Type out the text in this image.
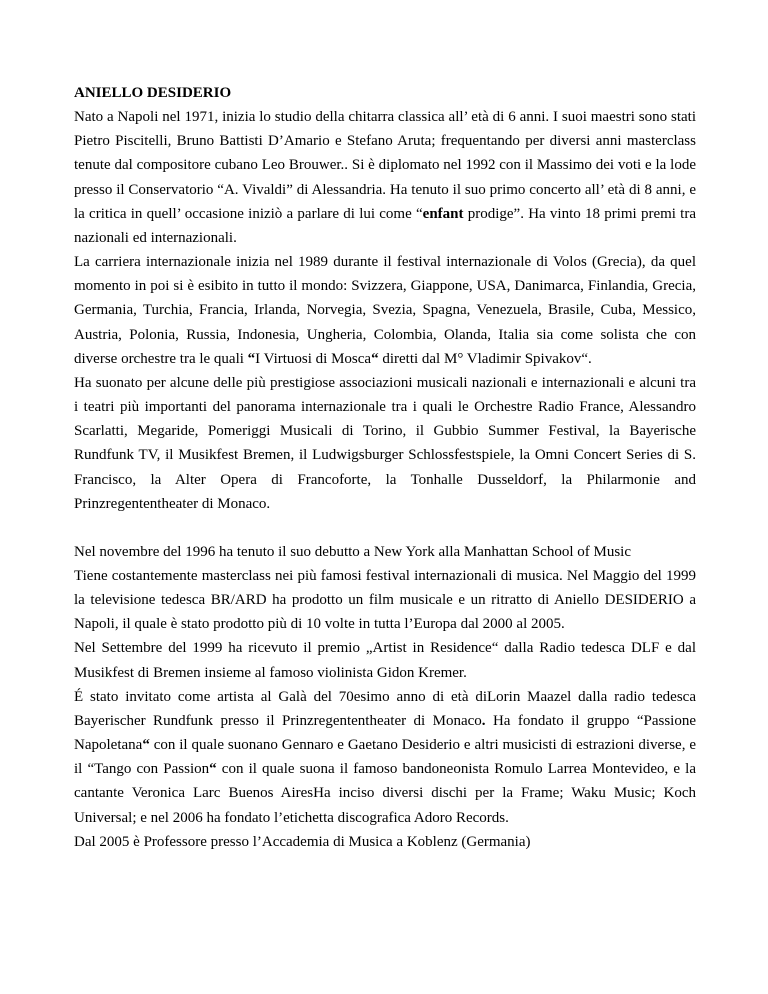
ANIELLO DESIDERIO

Nato a Napoli nel 1971, inizia lo studio della chitarra classica all’ età di 6 anni. I suoi maestri sono stati Pietro Piscitelli, Bruno Battisti D’Amario e Stefano Aruta; frequentando per diversi anni masterclass tenute dal compositore cubano Leo Brouwer.. Si è diplomato nel 1992 con il Massimo dei voti e la lode presso il Conservatorio “A. Vivaldi” di Alessandria. Ha tenuto il suo primo concerto all’ età di 8 anni, e la critica in quell’ occasione iniziò a parlare di lui come “enfant prodige”. Ha vinto 18 primi premi tra nazionali ed internazionali.

La carriera internazionale inizia nel 1989 durante il festival internazionale di Volos (Grecia), da quel momento in poi si è esibito in tutto il mondo: Svizzera, Giappone, USA, Danimarca, Finlandia, Grecia, Germania, Turchia, Francia, Irlanda, Norvegia, Svezia, Spagna, Venezuela, Brasile, Cuba, Messico, Austria, Polonia, Russia, Indonesia, Ungheria, Colombia, Olanda, Italia sia come solista che con diverse orchestre tra le quali “I Virtuosi di Mosca“ diretti dal M° Vladimir Spivakov“.

Ha suonato per alcune delle più prestigiose associazioni musicali nazionali e internazionali e alcuni tra i teatri più importanti del panorama internazionale tra i quali le Orchestre Radio France, Alessandro Scarlatti, Megaride, Pomeriggi Musicali di Torino, il Gubbio Summer Festival, la Bayerische Rundfunk TV, il Musikfest Bremen, il Ludwigsburger Schlossfestspiele, la Omni Concert Series di S. Francisco, la Alter Opera di Francoforte, la Tonhalle Dusseldorf, la Philarmonie and Prinzregententheater di Monaco.

Nel novembre del 1996 ha tenuto il suo debutto a New York alla Manhattan School of Music

Tiene costantemente masterclass nei più famosi festival internazionali di musica. Nel Maggio del 1999 la televisione tedesca BR/ARD ha prodotto un film musicale e un ritratto di Aniello DESIDERIO a Napoli, il quale è stato prodotto più di 10 volte in tutta l’Europa dal 2000 al 2005.

Nel Settembre del 1999 ha ricevuto il premio „Artist in Residence“ dalla Radio tedesca DLF e dal Musikfest di Bremen insieme al famoso violinista Gidon Kremer.

É stato invitato come artista al Galà del 70esimo anno di età diLorin Maazel dalla radio tedesca Bayerischer Rundfunk presso il Prinzregententheater di Monaco. Ha fondato il gruppo “Passione Napoletana“ con il quale suonano Gennaro e Gaetano Desiderio e altri musicisti di estrazioni diverse, e il “Tango con Passion“ con il quale suona il famoso bandoneonista Romulo Larrea Montevideo, e la cantante Veronica Larc Buenos AiresHa inciso diversi dischi per la Frame; Waku Music; Koch Universal; e nel 2006 ha fondato l’etichetta discografica Adoro Records.

Dal 2005 è Professore presso l’Accademia di Musica a Koblenz (Germania)
